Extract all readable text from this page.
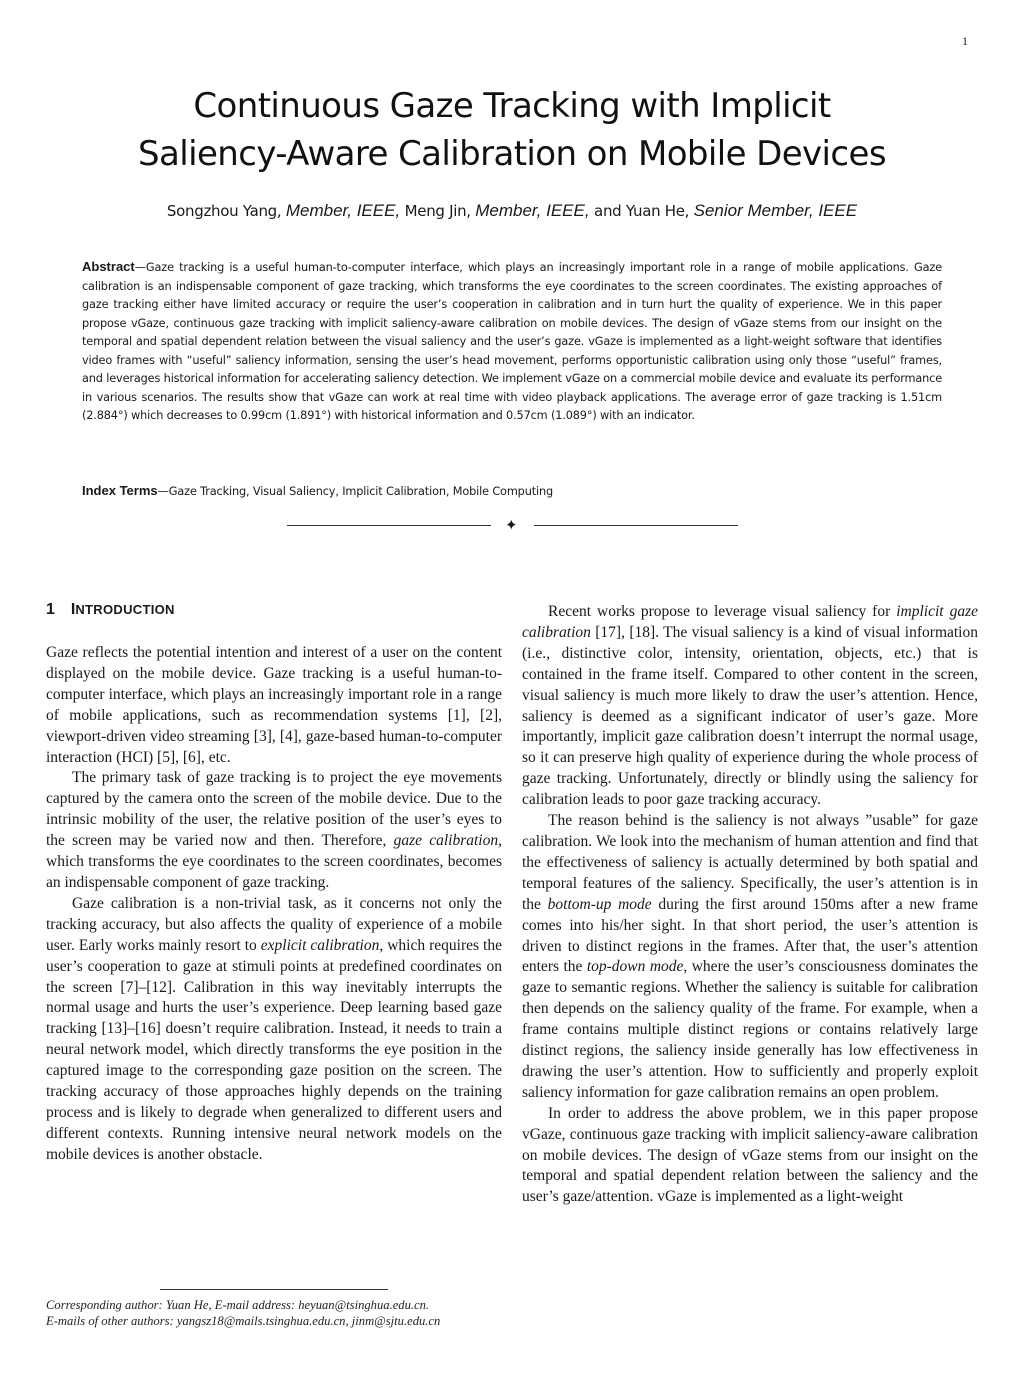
1
Continuous Gaze Tracking with Implicit
Saliency-Aware Calibration on Mobile Devices
Songzhou Yang, Member, IEEE, Meng Jin, Member, IEEE, and Yuan He, Senior Member, IEEE
Abstract—Gaze tracking is a useful human-to-computer interface, which plays an increasingly important role in a range of mobile applications. Gaze calibration is an indispensable component of gaze tracking, which transforms the eye coordinates to the screen coordinates. The existing approaches of gaze tracking either have limited accuracy or require the user’s cooperation in calibration and in turn hurt the quality of experience. We in this paper propose vGaze, continuous gaze tracking with implicit saliency-aware calibration on mobile devices. The design of vGaze stems from our insight on the temporal and spatial dependent relation between the visual saliency and the user’s gaze. vGaze is implemented as a light-weight software that identifies video frames with “useful” saliency information, sensing the user’s head movement, performs opportunistic calibration using only those “useful” frames, and leverages historical information for accelerating saliency detection. We implement vGaze on a commercial mobile device and evaluate its performance in various scenarios. The results show that vGaze can work at real time with video playback applications. The average error of gaze tracking is 1.51cm (2.884°) which decreases to 0.99cm (1.891°) with historical information and 0.57cm (1.089°) with an indicator.
Index Terms—Gaze Tracking, Visual Saliency, Implicit Calibration, Mobile Computing
✦
1 INTRODUCTION

Gaze reflects the potential intention and interest of a user on the content displayed on the mobile device. Gaze tracking is a useful human-to-computer interface, which plays an increasingly important role in a range of mobile applications, such as recommendation systems [1], [2], viewport-driven video streaming [3], [4], gaze-based human-to-computer interaction (HCI) [5], [6], etc.

The primary task of gaze tracking is to project the eye movements captured by the camera onto the screen of the mobile device. Due to the intrinsic mobility of the user, the relative position of the user’s eyes to the screen may be varied now and then. Therefore, gaze calibration, which transforms the eye coordinates to the screen coordinates, becomes an indispensable component of gaze tracking.

Gaze calibration is a non-trivial task, as it concerns not only the tracking accuracy, but also affects the quality of experience of a mobile user. Early works mainly resort to explicit calibration, which requires the user’s cooperation to gaze at stimuli points at predefined coordinates on the screen [7]–[12]. Calibration in this way inevitably interrupts the normal usage and hurts the user’s experience. Deep learning based gaze tracking [13]–[16] doesn’t require calibration. Instead, it needs to train a neural network model, which directly transforms the eye position in the captured image to the corresponding gaze position on the screen. The tracking accuracy of those approaches highly depends on the training process and is likely to degrade when generalized to different users and different contexts. Running intensive neural network models on the mobile devices is another obstacle.

Corresponding author: Yuan He, E-mail address: heyuan@tsinghua.edu.cn.
E-mails of other authors: yangsz18@mails.tsinghua.edu.cn, jinm@sjtu.edu.cn

Recent works propose to leverage visual saliency for implicit gaze calibration [17], [18]. The visual saliency is a kind of visual information (i.e., distinctive color, intensity, orientation, objects, etc.) that is contained in the frame itself. Compared to other content in the screen, visual saliency is much more likely to draw the user’s attention. Hence, saliency is deemed as a significant indicator of user’s gaze. More importantly, implicit gaze calibration doesn’t interrupt the normal usage, so it can preserve high quality of experience during the whole process of gaze tracking. Unfortunately, directly or blindly using the saliency for calibration leads to poor gaze tracking accuracy.

The reason behind is the saliency is not always ”usable” for gaze calibration. We look into the mechanism of human attention and find that the effectiveness of saliency is actually determined by both spatial and temporal features of the saliency. Specifically, the user’s attention is in the bottom-up mode during the first around 150ms after a new frame comes into his/her sight. In that short period, the user’s attention is driven to distinct regions in the frames. After that, the user’s attention enters the top-down mode, where the user’s consciousness dominates the gaze to semantic regions. Whether the saliency is suitable for calibration then depends on the saliency quality of the frame. For example, when a frame contains multiple distinct regions or contains relatively large distinct regions, the saliency inside generally has low effectiveness in drawing the user’s attention. How to sufficiently and properly exploit saliency information for gaze calibration remains an open problem.

In order to address the above problem, we in this paper propose vGaze, continuous gaze tracking with implicit saliency-aware calibration on mobile devices. The design of vGaze stems from our insight on the temporal and spatial dependent relation between the saliency and the user’s gaze/attention. vGaze is implemented as a light-weight
